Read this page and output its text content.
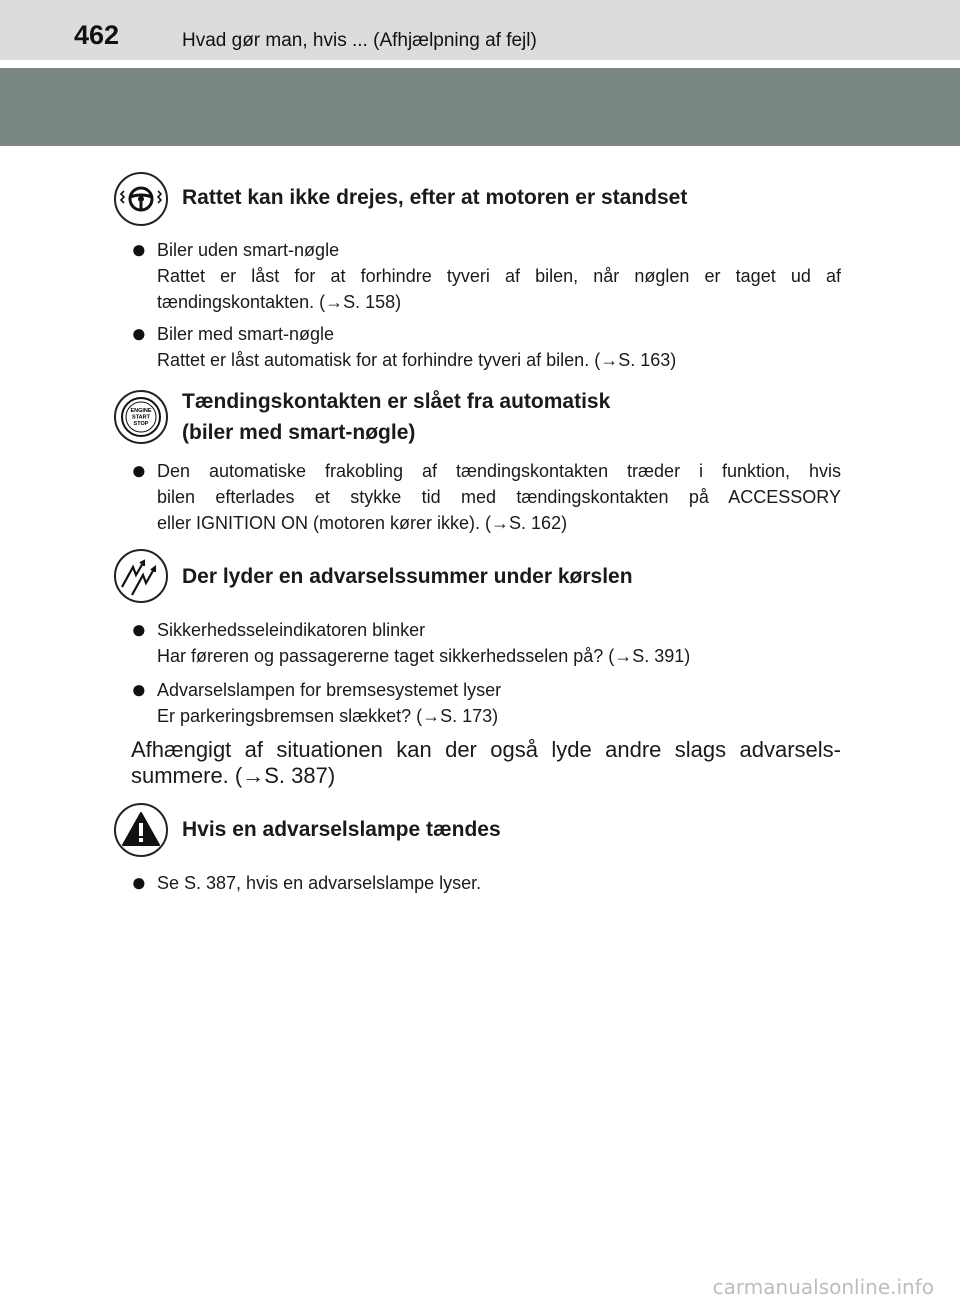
462	Hvad gør man, hvis ... (Afhjælpning af fejl)
Rattet kan ikke drejes, efter at motoren er standset
● Biler uden smart-nøgle
Rattet er låst for at forhindre tyveri af bilen, når nøglen er taget ud af
tændingskontakten. (→S. 158)
● Biler med smart-nøgle
Rattet er låst automatisk for at forhindre tyveri af bilen. (→S. 163)
ENGINE
START
STOP
Tændingskontakten er slået fra automatisk
(biler med smart-nøgle)
● Den automatiske frakobling af tændingskontakten træder i funktion, hvis
bilen efterlades et stykke tid med tændingskontakten på ACCESSORY
eller IGNITION ON (motoren kører ikke). (→S. 162)
Der lyder en advarselssummer under kørslen
● Sikkerhedsseleindikatoren blinker
Har føreren og passagererne taget sikkerhedsselen på? (→S. 391)
● Advarselslampen for bremsesystemet lyser
Er parkeringsbremsen slækket? (→S. 173)
Afhængigt af situationen kan der også lyde andre slags advarsels-
summere. (→S. 387)
Hvis en advarselslampe tændes
● Se S. 387, hvis en advarselslampe lyser.
carmanualsonline.info
